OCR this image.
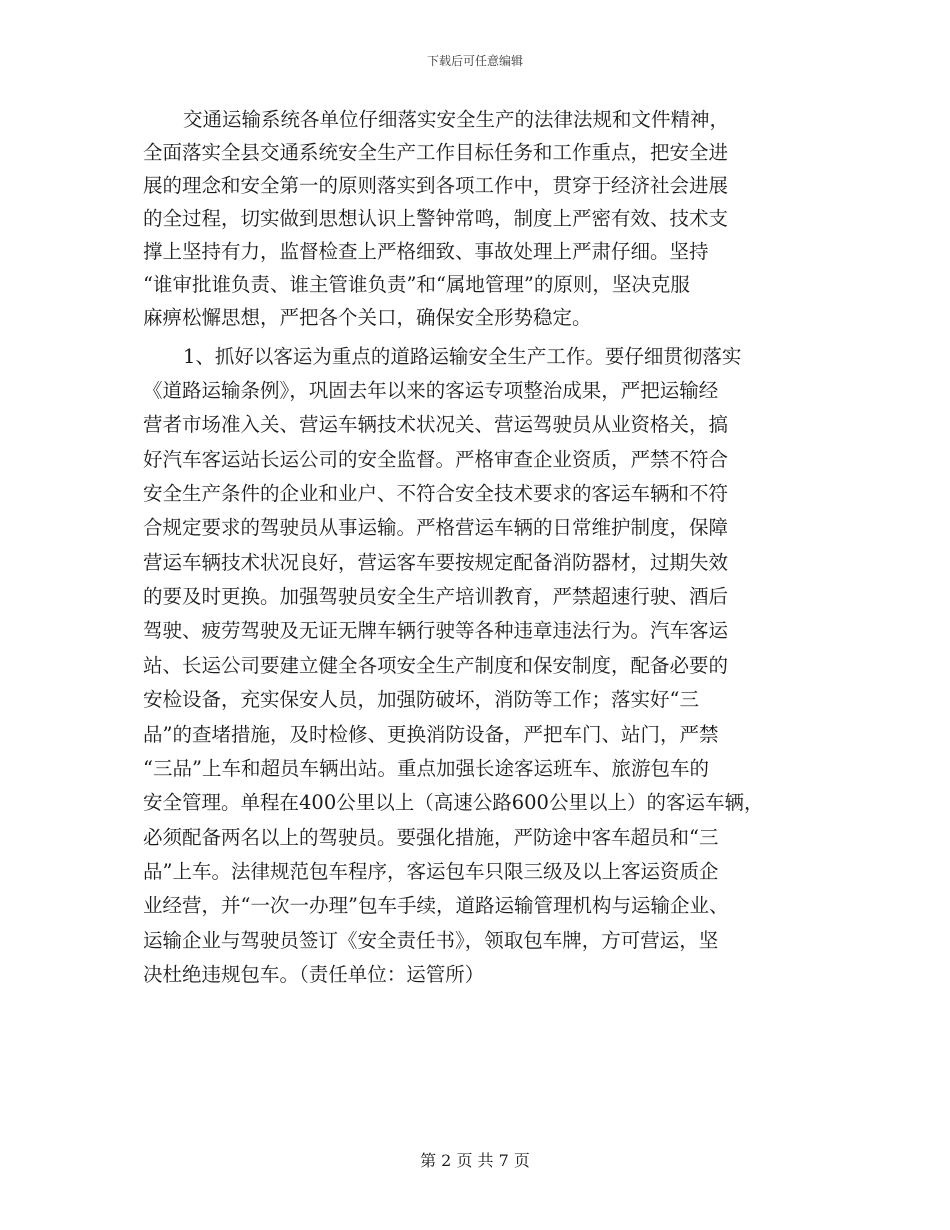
下载后可任意编辑
交通运输系统各单位仔细落实安全生产的法律法规和文件精神，
全面落实全县交通系统安全生产工作目标任务和工作重点，把安全进
展的理念和安全第一的原则落实到各项工作中，贯穿于经济社会进展
的全过程，切实做到思想认识上警钟常鸣，制度上严密有效、技术支
撑上坚持有力，监督检查上严格细致、事故处理上严肃仔细。坚持
“谁审批谁负责、谁主管谁负责”和“属地管理”的原则，坚决克服
麻痹松懈思想，严把各个关口，确保安全形势稳定。
1、抓好以客运为重点的道路运输安全生产工作。要仔细贯彻落实
《道路运输条例》，巩固去年以来的客运专项整治成果，严把运输经
营者市场准入关、营运车辆技术状况关、营运驾驶员从业资格关，搞
好汽车客运站长运公司的安全监督。严格审查企业资质，严禁不符合
安全生产条件的企业和业户、不符合安全技术要求的客运车辆和不符
合规定要求的驾驶员从事运输。严格营运车辆的日常维护制度，保障
营运车辆技术状况良好，营运客车要按规定配备消防器材，过期失效
的要及时更换。加强驾驶员安全生产培训教育，严禁超速行驶、酒后
驾驶、疲劳驾驶及无证无牌车辆行驶等各种违章违法行为。汽车客运
站、长运公司要建立健全各项安全生产制度和保安制度，配备必要的
安检设备，充实保安人员，加强防破坏，消防等工作；落实好“三
品”的查堵措施，及时检修、更换消防设备，严把车门、站门，严禁
“三品”上车和超员车辆出站。重点加强长途客运班车、旅游包车的
安全管理。单程在400公里以上（高速公路600公里以上）的客运车辆，
必须配备两名以上的驾驶员。要强化措施，严防途中客车超员和“三
品”上车。法律规范包车程序，客运包车只限三级及以上客运资质企
业经营，并“一次一办理”包车手续，道路运输管理机构与运输企业、
运输企业与驾驶员签订《安全责任书》，领取包车牌，方可营运，坚
决杜绝违规包车。（责任单位：运管所）
第 2 页 共 7 页
